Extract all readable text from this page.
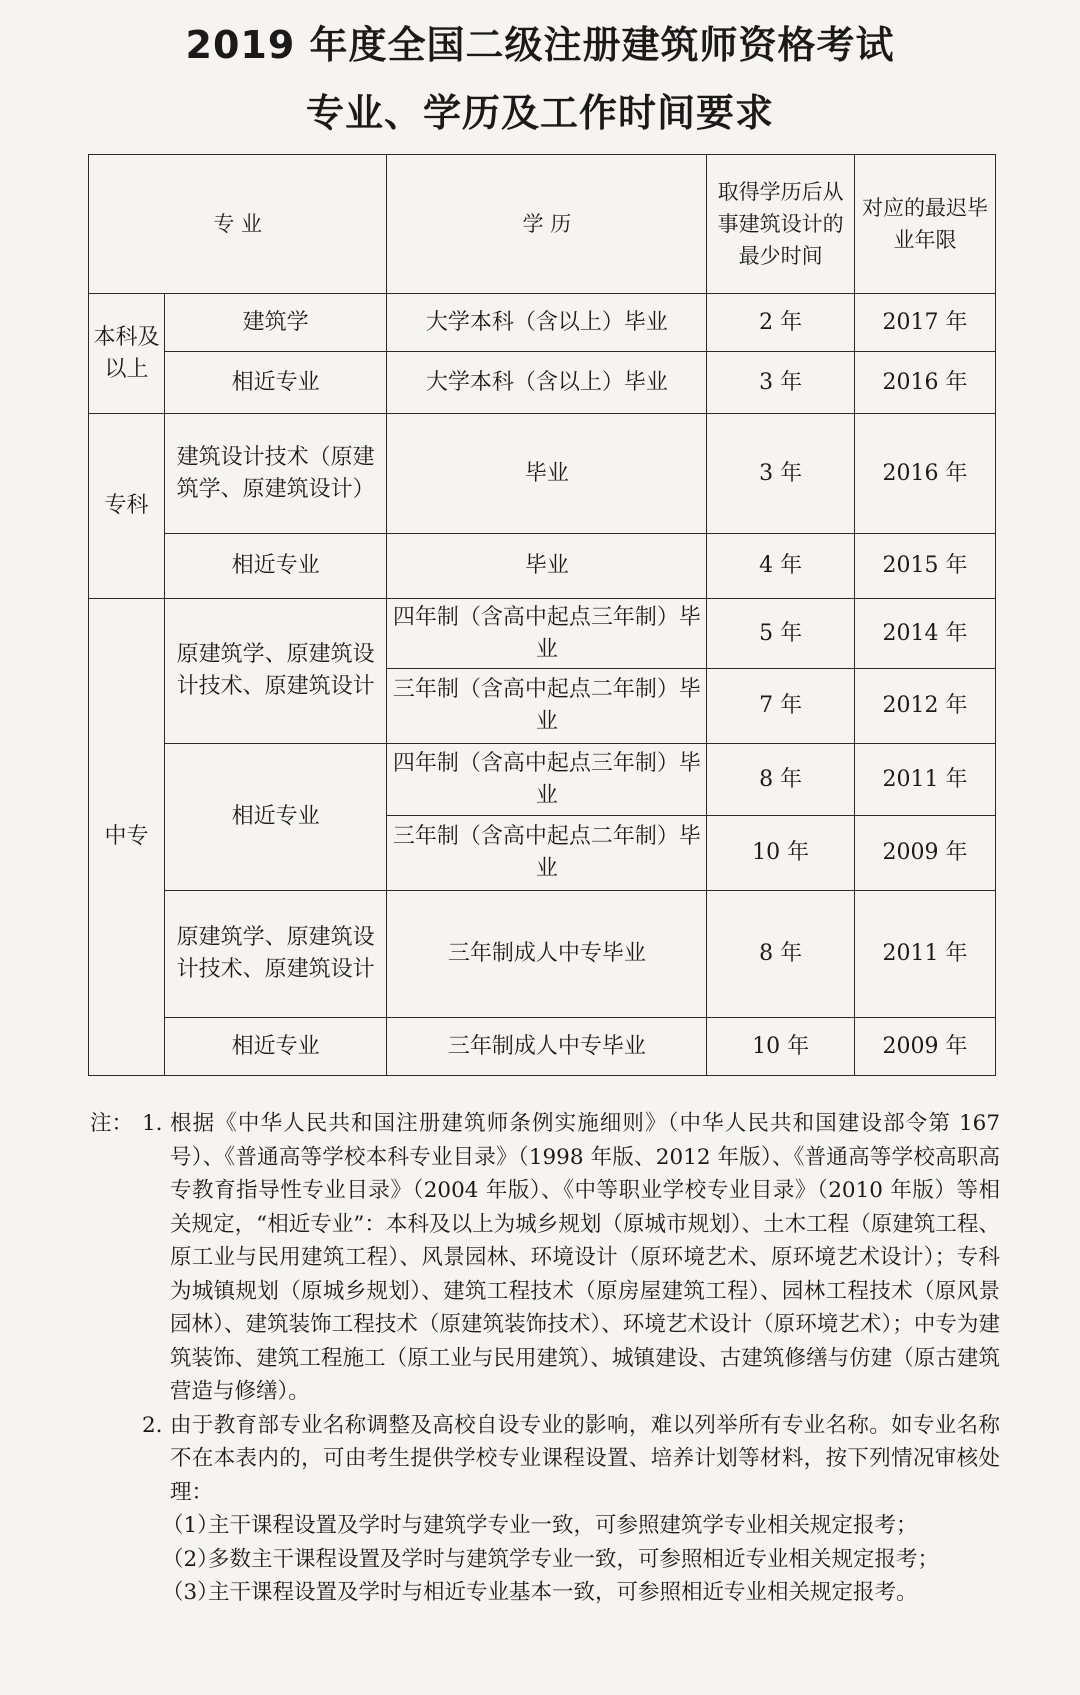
2019 年度全国二级注册建筑师资格考试
专业、学历及工作时间要求
专 业		学 历	取得学历后从事建筑设计的最少时间	对应的最迟毕业年限
本科及以上	建筑学	大学本科（含以上）毕业	2 年	2017 年
	相近专业	大学本科（含以上）毕业	3 年	2016 年
专科	建筑设计技术（原建筑学、原建筑设计）	毕业	3 年	2016 年
	相近专业	毕业	4 年	2015 年
中专	原建筑学、原建筑设计技术、原建筑设计	四年制（含高中起点三年制）毕业	5 年	2014 年
		三年制（含高中起点二年制）毕业	7 年	2012 年
	相近专业	四年制（含高中起点三年制）毕业	8 年	2011 年
		三年制（含高中起点二年制）毕业	10 年	2009 年
	原建筑学、原建筑设计技术、原建筑设计	三年制成人中专毕业	8 年	2011 年
	相近专业	三年制成人中专毕业	10 年	2009 年
注： 1. 根据《中华人民共和国注册建筑师条例实施细则》（中华人民共和国建设部令第 167 号）、《普通高等学校本科专业目录》（1998 年版、2012 年版）、《普通高等学校高职高专教育指导性专业目录》（2004 年版）、《中等职业学校专业目录》（2010 年版）等相关规定，“相近专业”：本科及以上为城乡规划（原城市规划）、土木工程（原建筑工程、原工业与民用建筑工程）、风景园林、环境设计（原环境艺术、原环境艺术设计）；专科为城镇规划（原城乡规划）、建筑工程技术（原房屋建筑工程）、园林工程技术（原风景园林）、建筑装饰工程技术（原建筑装饰技术）、环境艺术设计（原环境艺术）；中专为建筑装饰、建筑工程施工（原工业与民用建筑）、城镇建设、古建筑修缮与仿建（原古建筑营造与修缮）。
2. 由于教育部专业名称调整及高校自设专业的影响，难以列举所有专业名称。如专业名称不在本表内的，可由考生提供学校专业课程设置、培养计划等材料，按下列情况审核处理：
（1）
主干课程设置及学时与建筑学专业一致，可参照建筑学专业相关规定报考；
（2）
多数主干课程设置及学时与建筑学专业一致，可参照相近专业相关规定报考；
（3）
主干课程设置及学时与相近专业基本一致，可参照相近专业相关规定报考。
